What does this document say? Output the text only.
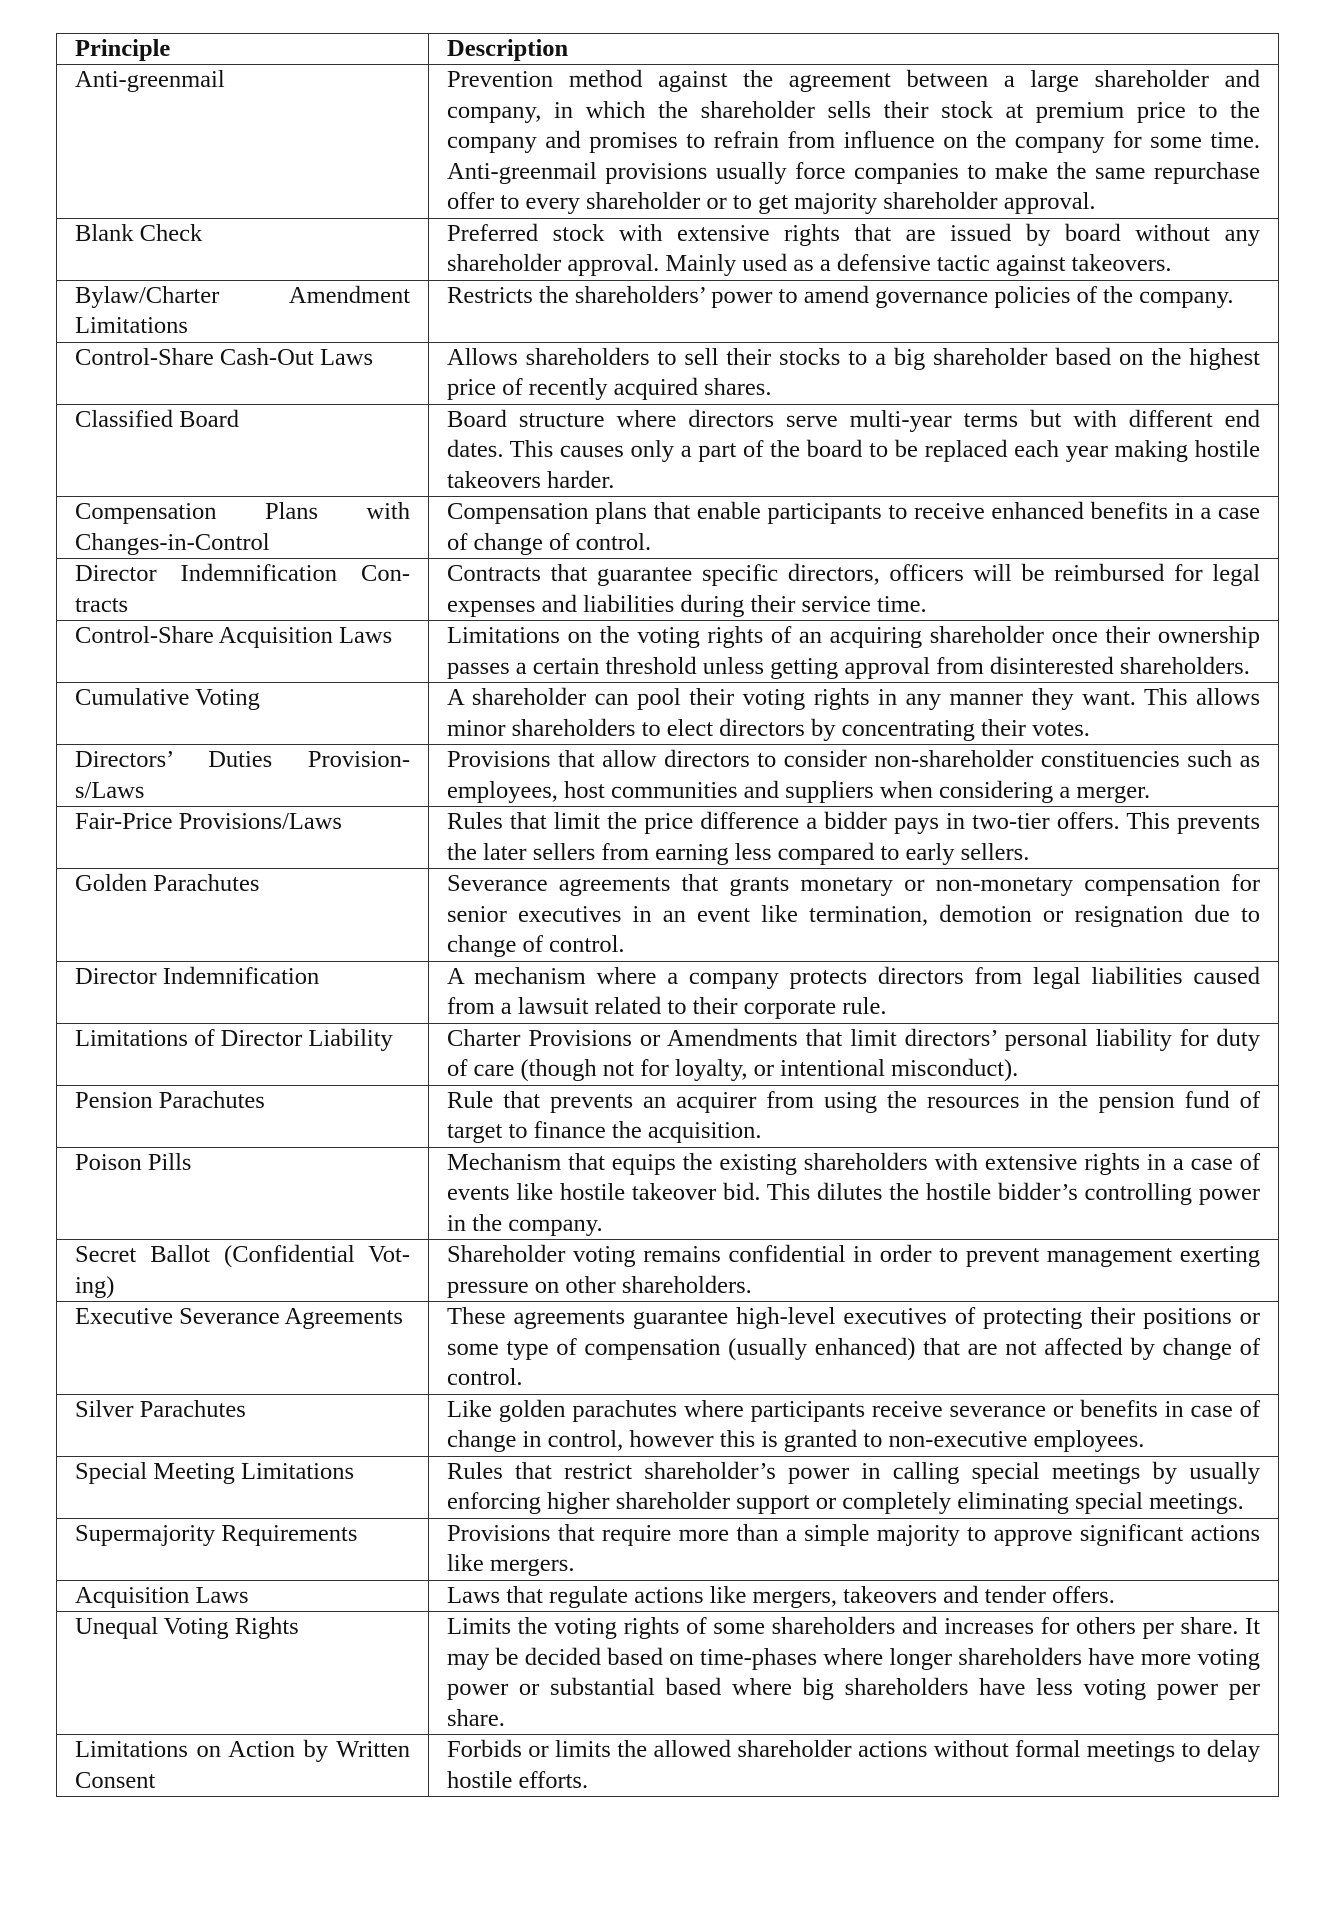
Principle	Description
Anti-greenmail	Prevention method against the agreement between a large shareholder and company, in which the shareholder sells their stock at premium price to the company and promises to refrain from influence on the company for some time. Anti-greenmail provisions usually force companies to make the same repurchase offer to every shareholder or to get majority shareholder approval.
Blank Check	Preferred stock with extensive rights that are issued by board without any shareholder approval. Mainly used as a defensive tactic against takeovers.
Bylaw/Charter Amendment Limitations	Restricts the shareholders’ power to amend governance policies of the company.
Control-Share Cash-Out Laws	Allows shareholders to sell their stocks to a big shareholder based on the highest price of recently acquired shares.
Classified Board	Board structure where directors serve multi-year terms but with different end dates. This causes only a part of the board to be replaced each year making hostile takeovers harder.
Compensation Plans with Changes-in-Control	Compensation plans that enable participants to receive enhanced benefits in a case of change of control.
Director Indemnification Contracts	Contracts that guarantee specific directors, officers will be reimbursed for legal expenses and liabilities during their service time.
Control-Share Acquisition Laws	Limitations on the voting rights of an acquiring shareholder once their ownership passes a certain threshold unless getting approval from disinterested shareholders.
Cumulative Voting	A shareholder can pool their voting rights in any manner they want. This allows minor shareholders to elect directors by concentrating their votes.
Directors’ Duties Provisions/Laws	Provisions that allow directors to consider non-shareholder constituencies such as employees, host communities and suppliers when considering a merger.
Fair-Price Provisions/Laws	Rules that limit the price difference a bidder pays in two-tier offers. This prevents the later sellers from earning less compared to early sellers.
Golden Parachutes	Severance agreements that grants monetary or non-monetary compensation for senior executives in an event like termination, demotion or resignation due to change of control.
Director Indemnification	A mechanism where a company protects directors from legal liabilities caused from a lawsuit related to their corporate rule.
Limitations of Director Liability	Charter Provisions or Amendments that limit directors’ personal liability for duty of care (though not for loyalty, or intentional misconduct).
Pension Parachutes	Rule that prevents an acquirer from using the resources in the pension fund of target to finance the acquisition.
Poison Pills	Mechanism that equips the existing shareholders with extensive rights in a case of events like hostile takeover bid. This dilutes the hostile bidder’s controlling power in the company.
Secret Ballot (Confidential Voting)	Shareholder voting remains confidential in order to prevent management exerting pressure on other shareholders.
Executive Severance Agreements	These agreements guarantee high-level executives of protecting their positions or some type of compensation (usually enhanced) that are not affected by change of control.
Silver Parachutes	Like golden parachutes where participants receive severance or benefits in case of change in control, however this is granted to non-executive employees.
Special Meeting Limitations	Rules that restrict shareholder’s power in calling special meetings by usually enforcing higher shareholder support or completely eliminating special meetings.
Supermajority Requirements	Provisions that require more than a simple majority to approve significant actions like mergers.
Acquisition Laws	Laws that regulate actions like mergers, takeovers and tender offers.
Unequal Voting Rights	Limits the voting rights of some shareholders and increases for others per share. It may be decided based on time-phases where longer shareholders have more voting power or substantial based where big shareholders have less voting power per share.
Limitations on Action by Written Consent	Forbids or limits the allowed shareholder actions without formal meetings to delay hostile efforts.
